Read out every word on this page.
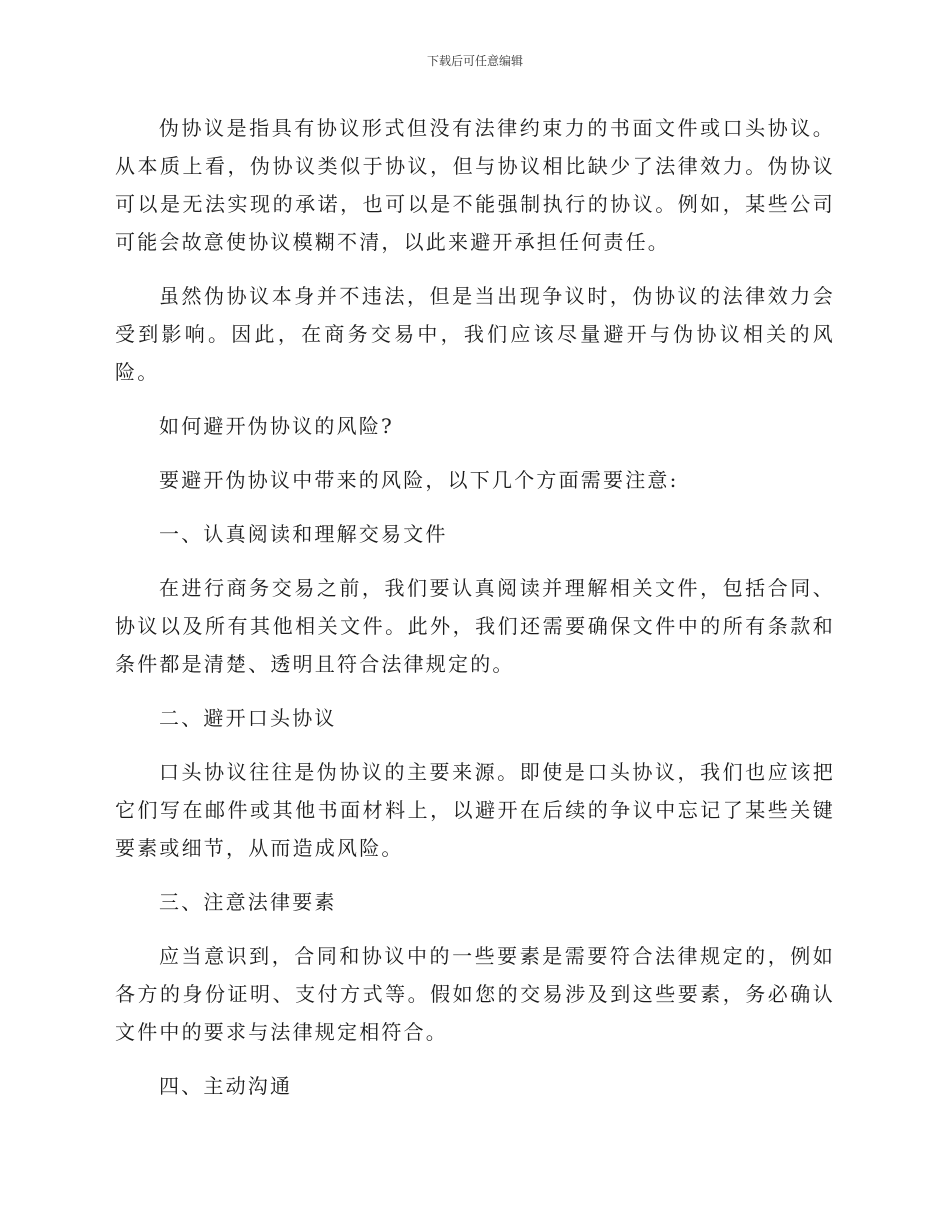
下载后可任意编辑

伪协议是指具有协议形式但没有法律约束力的书面文件或口头协议。从本质上看，伪协议类似于协议，但与协议相比缺少了法律效力。伪协议可以是无法实现的承诺，也可以是不能强制执行的协议。例如，某些公司可能会故意使协议模糊不清，以此来避开承担任何责任。

虽然伪协议本身并不违法，但是当出现争议时，伪协议的法律效力会受到影响。因此，在商务交易中，我们应该尽量避开与伪协议相关的风险。

如何避开伪协议的风险?

要避开伪协议中带来的风险，以下几个方面需要注意:

一、认真阅读和理解交易文件

在进行商务交易之前，我们要认真阅读并理解相关文件，包括合同、协议以及所有其他相关文件。此外，我们还需要确保文件中的所有条款和条件都是清楚、透明且符合法律规定的。

二、避开口头协议

口头协议往往是伪协议的主要来源。即使是口头协议，我们也应该把它们写在邮件或其他书面材料上，以避开在后续的争议中忘记了某些关键要素或细节，从而造成风险。

三、注意法律要素

应当意识到，合同和协议中的一些要素是需要符合法律规定的，例如各方的身份证明、支付方式等。假如您的交易涉及到这些要素，务必确认文件中的要求与法律规定相符合。

四、主动沟通
